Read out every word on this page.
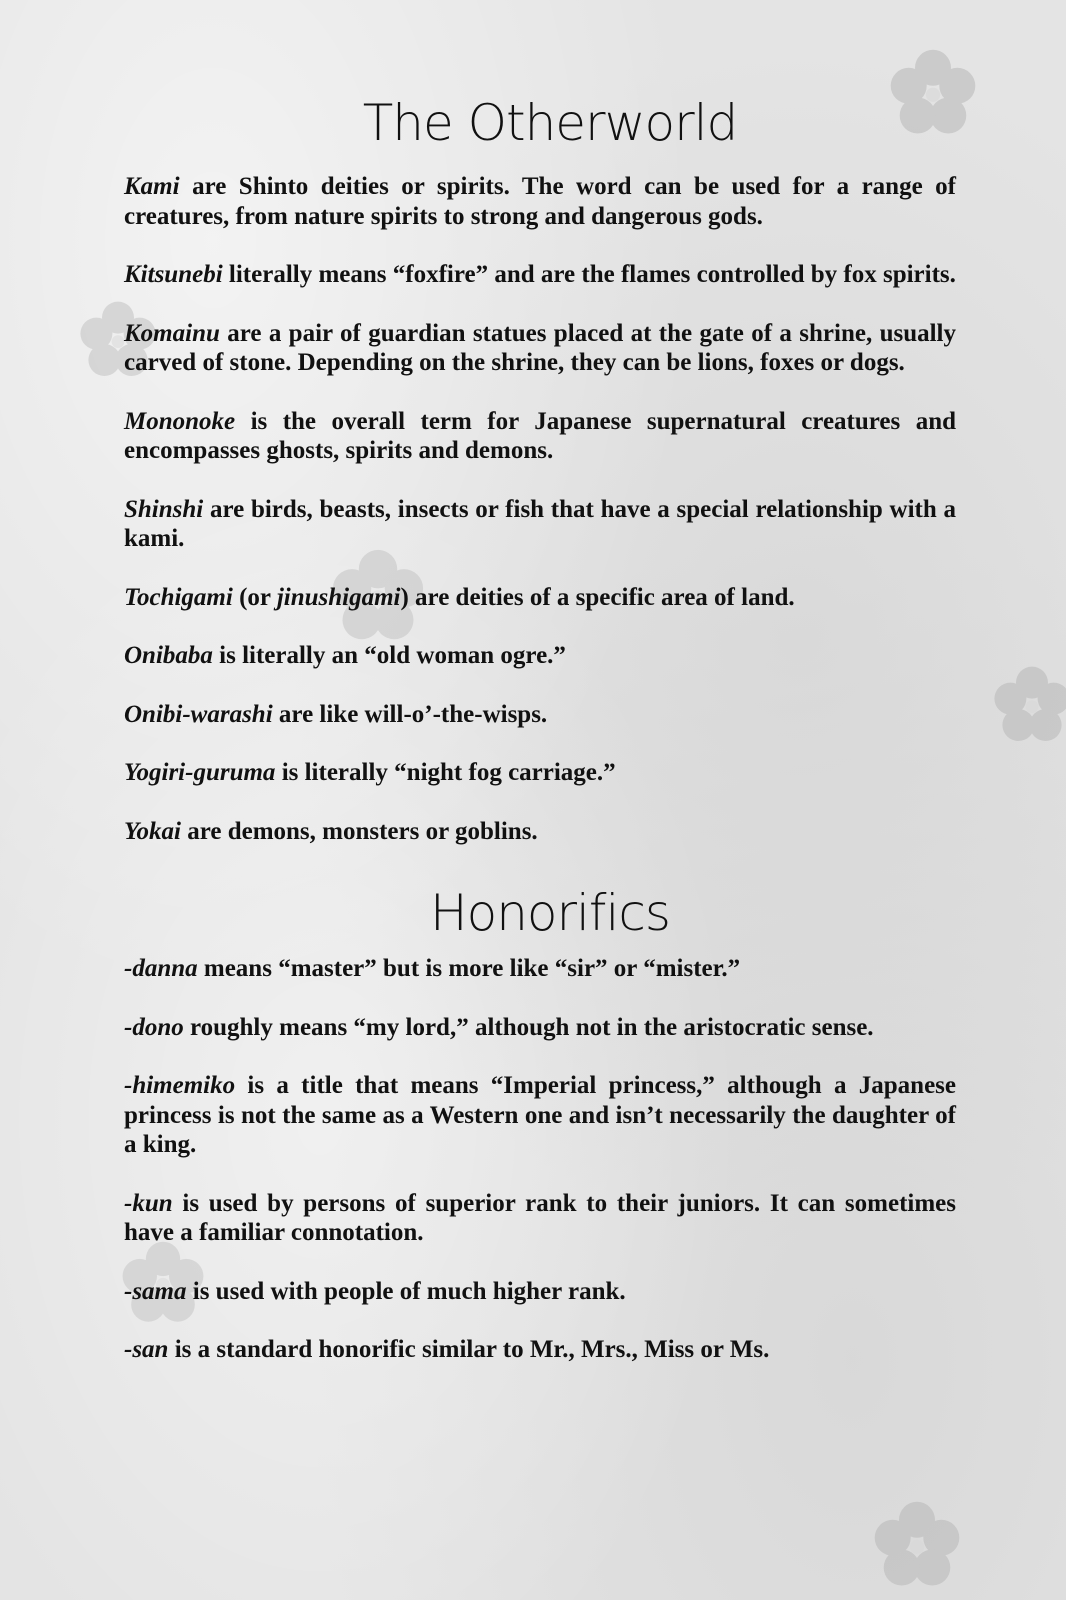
The Otherworld

Kami are Shinto deities or spirits. The word can be used for a range of creatures, from nature spirits to strong and dangerous gods.

Kitsunebi literally means “foxfire” and are the flames controlled by fox spirits.

Komainu are a pair of guardian statues placed at the gate of a shrine, usually carved of stone. Depending on the shrine, they can be lions, foxes or dogs.

Mononoke is the overall term for Japanese supernatural creatures and encompasses ghosts, spirits and demons.

Shinshi are birds, beasts, insects or fish that have a special relationship with a kami.

Tochigami (or jinushigami) are deities of a specific area of land.

Onibaba is literally an “old woman ogre.”

Onibi-warashi are like will-o’-the-wisps.

Yogiri-guruma is literally “night fog carriage.”

Yokai are demons, monsters or goblins.

Honorifics

-danna means “master” but is more like “sir” or “mister.”

-dono roughly means “my lord,” although not in the aristocratic sense.

-himemiko is a title that means “Imperial princess,” although a Japanese princess is not the same as a Western one and isn’t necessarily the daughter of a king.

-kun is used by persons of superior rank to their juniors. It can sometimes have a familiar connotation.

-sama is used with people of much higher rank.

-san is a standard honorific similar to Mr., Mrs., Miss or Ms.
